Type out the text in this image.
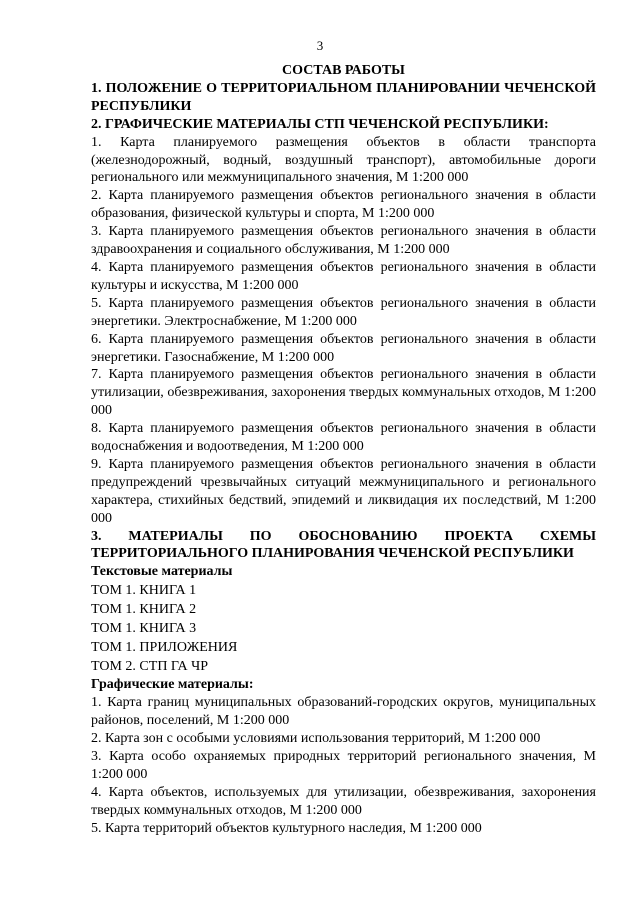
3

СОСТАВ РАБОТЫ

1. ПОЛОЖЕНИЕ О ТЕРРИТОРИАЛЬНОМ ПЛАНИРОВАНИИ ЧЕЧЕНСКОЙ РЕСПУБЛИКИ

2. ГРАФИЧЕСКИЕ МАТЕРИАЛЫ СТП ЧЕЧЕНСКОЙ РЕСПУБЛИКИ:

1. Карта планируемого размещения объектов в области транспорта (железнодорожный, водный, воздушный транспорт), автомобильные дороги регионального или межмуниципального значения, М 1:200 000

2. Карта планируемого размещения объектов регионального значения в области образования, физической культуры и спорта, М 1:200 000

3. Карта планируемого размещения объектов регионального значения в области здравоохранения и социального обслуживания, М 1:200 000

4. Карта планируемого размещения объектов регионального значения в области культуры и искусства, М 1:200 000

5. Карта планируемого размещения объектов регионального значения в области энергетики. Электроснабжение, М 1:200 000

6. Карта планируемого размещения объектов регионального значения в области энергетики. Газоснабжение, М 1:200 000

7. Карта планируемого размещения объектов регионального значения в области утилизации, обезвреживания, захоронения твердых коммунальных отходов, М 1:200 000

8. Карта планируемого размещения объектов регионального значения в области водоснабжения и водоотведения, М 1:200 000

9. Карта планируемого размещения объектов регионального значения в области предупреждений чрезвычайных ситуаций межмуниципального и регионального характера, стихийных бедствий, эпидемий и ликвидация их последствий, М 1:200 000

3. МАТЕРИАЛЫ ПО ОБОСНОВАНИЮ ПРОЕКТА СХЕМЫ ТЕРРИТОРИАЛЬНОГО ПЛАНИРОВАНИЯ ЧЕЧЕНСКОЙ РЕСПУБЛИКИ

Текстовые материалы

ТОМ 1. КНИГА 1

ТОМ 1. КНИГА 2

ТОМ 1. КНИГА 3

ТОМ 1. ПРИЛОЖЕНИЯ

ТОМ 2. СТП ГА ЧР

Графические материалы:

1. Карта границ муниципальных образований-городских округов, муниципальных районов, поселений, М 1:200 000

2. Карта зон с особыми условиями использования территорий, М 1:200 000

3. Карта особо охраняемых природных территорий регионального значения, М 1:200 000

4. Карта объектов, используемых для утилизации, обезвреживания, захоронения твердых коммунальных отходов, М 1:200 000

5. Карта территорий объектов культурного наследия, М 1:200 000
